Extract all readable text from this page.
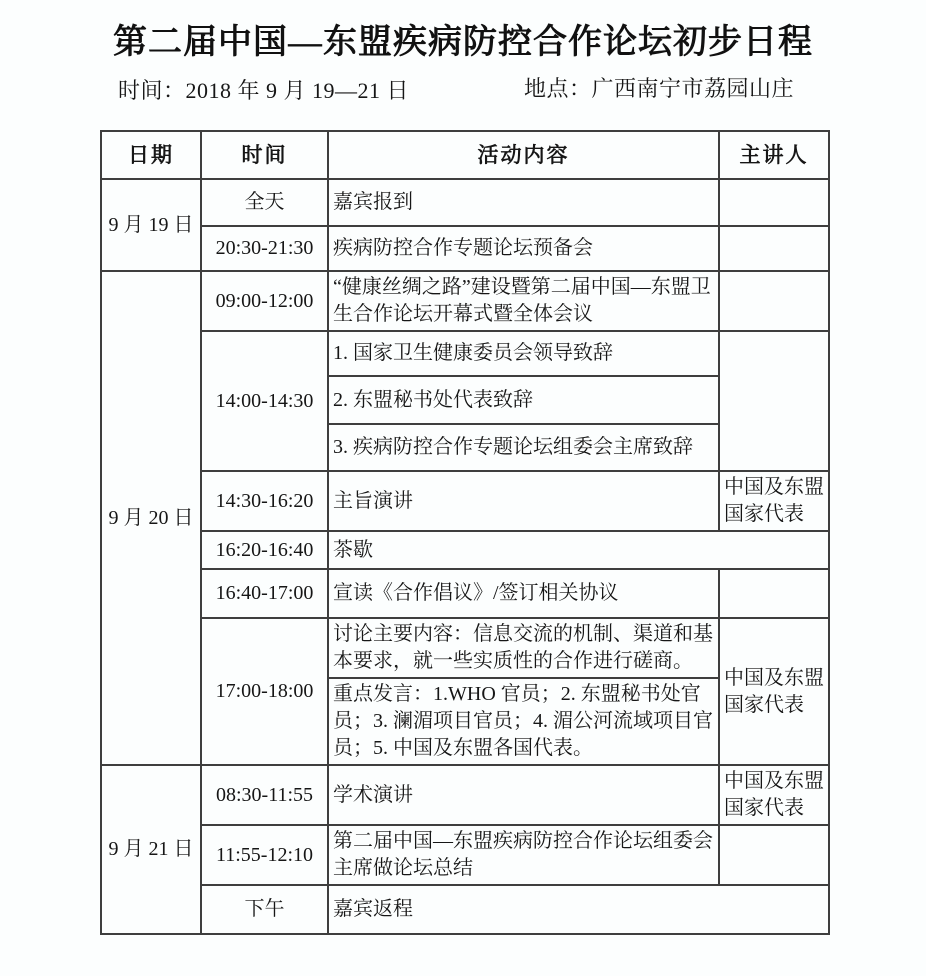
第二届中国—东盟疾病防控合作论坛初步日程
时间：2018 年 9 月 19—21 日	地点：广西南宁市荔园山庄
日期	时间	活动内容	主讲人
9 月 19 日	全天	嘉宾报到	
	20:30-21:30	疾病防控合作专题论坛预备会	
9 月 20 日	09:00-12:00	“健康丝绸之路”建设暨第二届中国—东盟卫生合作论坛开幕式暨全体会议	
	14:00-14:30	1. 国家卫生健康委员会领导致辞	
		2. 东盟秘书处代表致辞	
		3. 疾病防控合作专题论坛组委会主席致辞	
	14:30-16:20	主旨演讲	中国及东盟国家代表
	16:20-16:40	茶歇	
	16:40-17:00	宣读《合作倡议》/签订相关协议	
	17:00-18:00	讨论主要内容：信息交流的机制、渠道和基本要求，就一些实质性的合作进行磋商。	中国及东盟国家代表
		重点发言：1.WHO 官员；2. 东盟秘书处官员；3. 澜湄项目官员；4. 湄公河流域项目官员；5. 中国及东盟各国代表。	
9 月 21 日	08:30-11:55	学术演讲	中国及东盟国家代表
	11:55-12:10	第二届中国—东盟疾病防控合作论坛组委会主席做论坛总结	
	下午	嘉宾返程	
